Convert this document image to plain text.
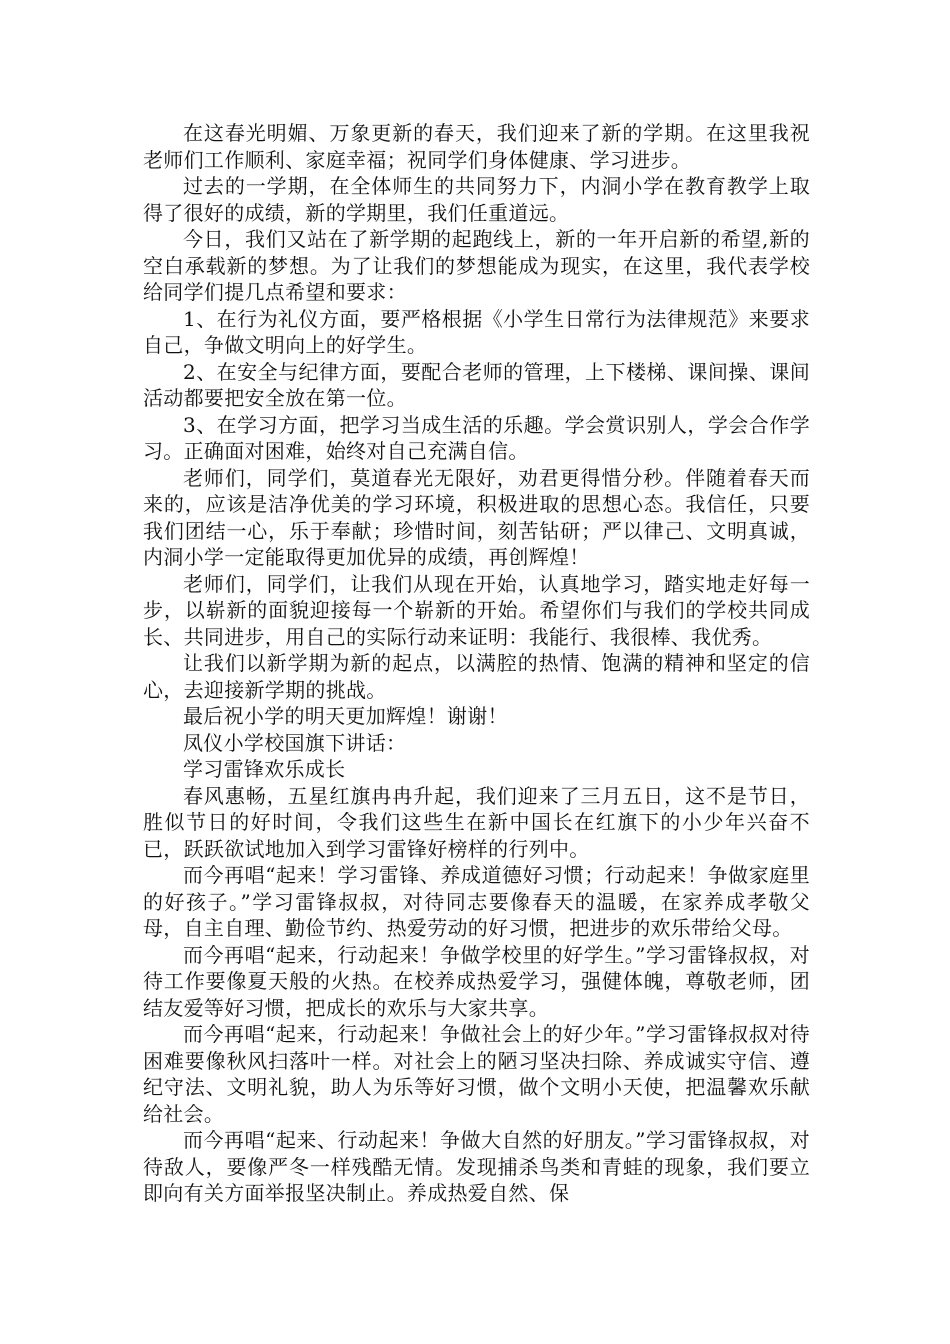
在这春光明媚、万象更新的春天，我们迎来了新的学期。在这里我祝老师们工作顺利、家庭幸福；祝同学们身体健康、学习进步。

过去的一学期，在全体师生的共同努力下，内洞小学在教育教学上取得了很好的成绩，新的学期里，我们任重道远。

今日，我们又站在了新学期的起跑线上，新的一年开启新的希望,新的空白承载新的梦想。为了让我们的梦想能成为现实，在这里，我代表学校给同学们提几点希望和要求：

1、在行为礼仪方面，要严格根据《小学生日常行为法律规范》来要求自己，争做文明向上的好学生。

2、在安全与纪律方面，要配合老师的管理，上下楼梯、课间操、课间活动都要把安全放在第一位。

3、在学习方面，把学习当成生活的乐趣。学会赏识别人，学会合作学习。正确面对困难，始终对自己充满自信。

老师们，同学们，莫道春光无限好，劝君更得惜分秒。伴随着春天而来的，应该是洁净优美的学习环境，积极进取的思想心态。我信任，只要我们团结一心，乐于奉献；珍惜时间，刻苦钻研；严以律己、文明真诚，内洞小学一定能取得更加优异的成绩，再创辉煌！

老师们，同学们，让我们从现在开始，认真地学习，踏实地走好每一步，以崭新的面貌迎接每一个崭新的开始。希望你们与我们的学校共同成长、共同进步，用自己的实际行动来证明：我能行、我很棒、我优秀。

让我们以新学期为新的起点，以满腔的热情、饱满的精神和坚定的信心，去迎接新学期的挑战。

最后祝小学的明天更加辉煌！谢谢！

凤仪小学校国旗下讲话：

学习雷锋欢乐成长

春风惠畅，五星红旗冉冉升起，我们迎来了三月五日，这不是节日，胜似节日的好时间，令我们这些生在新中国长在红旗下的小少年兴奋不已，跃跃欲试地加入到学习雷锋好榜样的行列中。

而今再唱“起来！学习雷锋、养成道德好习惯；行动起来！争做家庭里的好孩子。”学习雷锋叔叔，对待同志要像春天的温暖，在家养成孝敬父母，自主自理、勤俭节约、热爱劳动的好习惯，把进步的欢乐带给父母。

而今再唱“起来，行动起来！争做学校里的好学生。”学习雷锋叔叔，对待工作要像夏天般的火热。在校养成热爱学习，强健体魄，尊敬老师，团结友爱等好习惯，把成长的欢乐与大家共享。

而今再唱“起来，行动起来！争做社会上的好少年。”学习雷锋叔叔对待困难要像秋风扫落叶一样。对社会上的陋习坚决扫除、养成诚实守信、遵纪守法、文明礼貌，助人为乐等好习惯，做个文明小天使，把温馨欢乐献给社会。

而今再唱“起来、行动起来！争做大自然的好朋友。”学习雷锋叔叔，对待敌人，要像严冬一样残酷无情。发现捕杀鸟类和青蛙的现象，我们要立即向有关方面举报坚决制止。养成热爱自然、保
